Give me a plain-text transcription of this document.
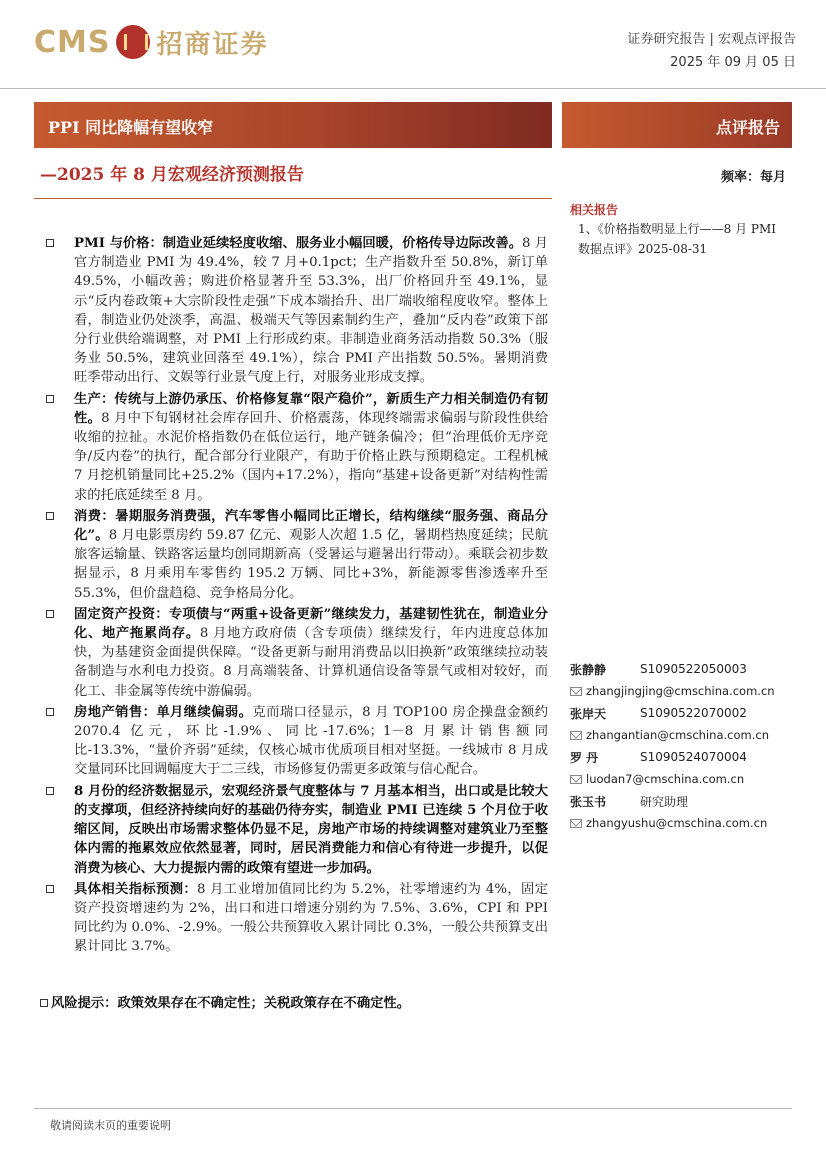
CMS 招商证券	证券研究报告 | 宏观点评报告
2025 年 09 月 05 日
PPI 同比降幅有望收窄	点评报告
—2025 年 8 月宏观经济预测报告	频率：每月
相关报告
1、《价格指数明显上行——8 月 PMI 数据点评》2025-08-31
PMI 与价格：制造业延续轻度收缩、服务业小幅回暖，价格传导边际改善。8 月官方制造业 PMI 为 49.4%，较 7 月+0.1pct；生产指数升至 50.8%，新订单 49.5%，小幅改善；购进价格显著升至 53.3%，出厂价格回升至 49.1%，显示“反内卷政策+大宗阶段性走强”下成本端抬升、出厂端收缩程度收窄。整体上看，制造业仍处淡季，高温、极端天气等因素制约生产，叠加“反内卷”政策下部分行业供给端调整，对 PMI 上行形成约束。非制造业商务活动指数 50.3%（服务业 50.5%，建筑业回落至 49.1%），综合 PMI 产出指数 50.5%。暑期消费旺季带动出行、文娱等行业景气度上行，对服务业形成支撑。
生产：传统与上游仍承压、价格修复靠“限产稳价”，新质生产力相关制造仍有韧性。8 月中下旬钢材社会库存回升、价格震荡，体现终端需求偏弱与阶段性供给收缩的拉扯。水泥价格指数仍在低位运行，地产链条偏冷；但“治理低价无序竞争/反内卷”的执行，配合部分行业限产，有助于价格止跌与预期稳定。工程机械 7 月挖机销量同比+25.2%（国内+17.2%），指向“基建+设备更新”对结构性需求的托底延续至 8 月。
消费：暑期服务消费强，汽车零售小幅同比正增长，结构继续“服务强、商品分化”。8 月电影票房约 59.87 亿元、观影人次超 1.5 亿，暑期档热度延续；民航旅客运输量、铁路客运量均创同期新高（受暑运与避暑出行带动）。乘联会初步数据显示，8 月乘用车零售约 195.2 万辆、同比+3%，新能源零售渗透率升至 55.3%，但价盘趋稳、竞争格局分化。
固定资产投资：专项债与“两重+设备更新”继续发力，基建韧性犹在，制造业分化、地产拖累尚存。8 月地方政府债（含专项债）继续发行，年内进度总体加快，为基建资金面提供保障。“设备更新与耐用消费品以旧换新”政策继续拉动装备制造与水利电力投资。8 月高端装备、计算机通信设备等景气或相对较好，而化工、非金属等传统中游偏弱。
房地产销售：单月继续偏弱。克而瑞口径显示，8 月 TOP100 房企操盘金额约 2070.4 亿元，环比-1.9%、同比-17.6%；1－8 月累计销售额同比-13.3%，“量价齐弱”延续，仅核心城市优质项目相对坚挺。一线城市 8 月成交量同环比回调幅度大于二三线，市场修复仍需更多政策与信心配合。
8 月份的经济数据显示，宏观经济景气度整体与 7 月基本相当，出口或是比较大的支撑项，但经济持续向好的基础仍待夯实，制造业 PMI 已连续 5 个月位于收缩区间，反映出市场需求整体仍显不足，房地产市场的持续调整对建筑业乃至整体内需的拖累效应依然显著，同时，居民消费能力和信心有待进一步提升，以促消费为核心、大力提振内需的政策有望进一步加码。
具体相关指标预测：8 月工业增加值同比约为 5.2%，社零增速约为 4%，固定资产投资增速约为 2%，出口和进口增速分别约为 7.5%、3.6%，CPI 和 PPI 同比约为 0.0%、-2.9%。一般公共预算收入累计同比 0.3%，一般公共预算支出累计同比 3.7%。
风险提示：政策效果存在不确定性；关税政策存在不确定性。
张静静	S1090522050003
zhangjingjing@cmschina.com.cn
张岸天	S1090522070002
zhangantian@cmschina.com.cn
罗 丹	S1090524070004
luodan7@cmschina.com.cn
张玉书	研究助理
zhangyushu@cmschina.com.cn
敬请阅读末页的重要说明
